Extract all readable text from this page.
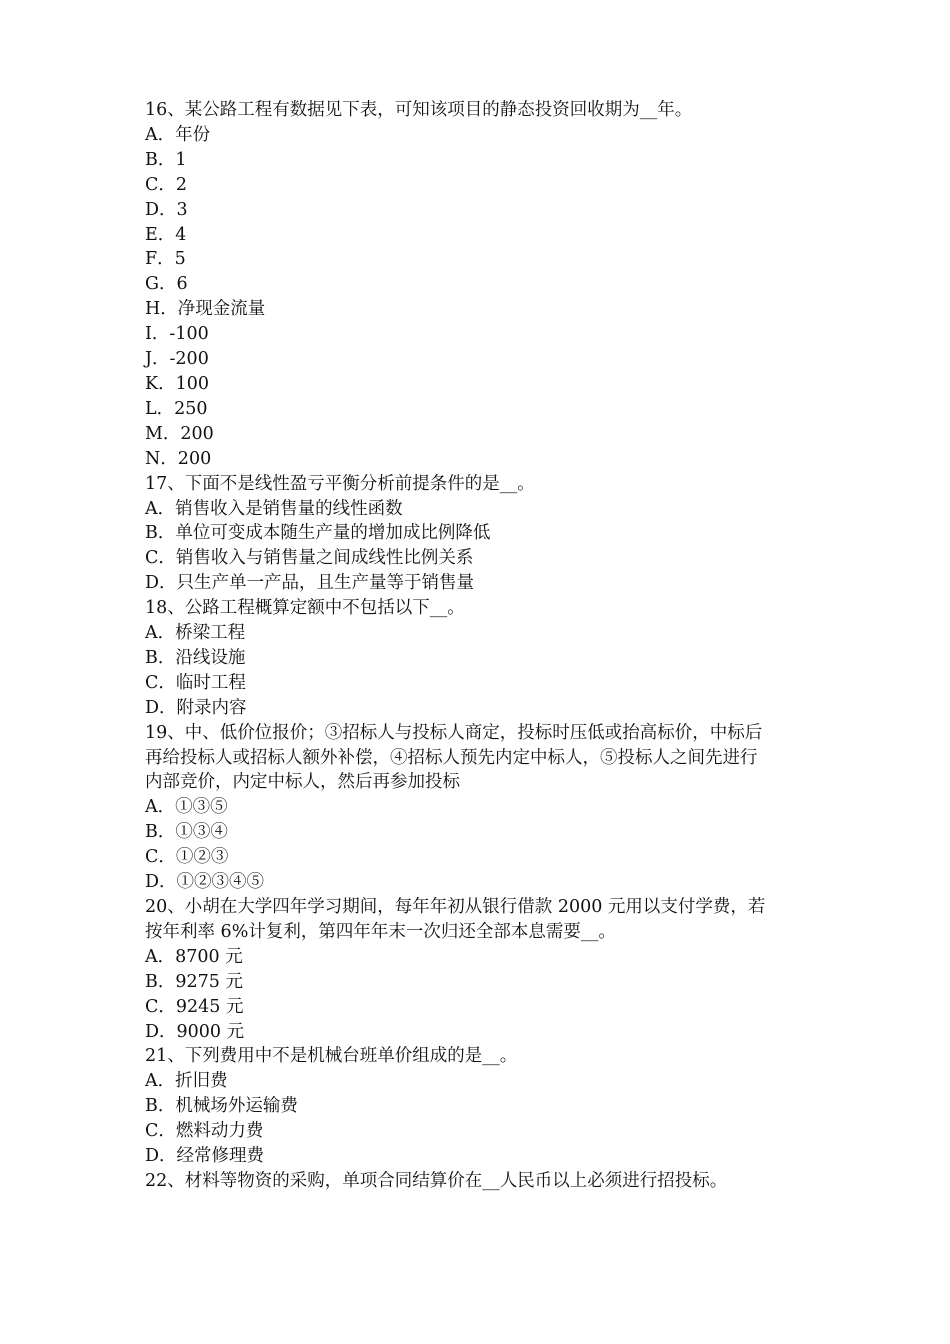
16、某公路工程有数据见下表，可知该项目的静态投资回收期为__年。
A．年份
B．1
C．2
D．3
E．4
F．5
G．6
H．净现金流量
I．-100
J．-200
K．100
L．250
M．200
N．200
17、下面不是线性盈亏平衡分析前提条件的是__。
A．销售收入是销售量的线性函数
B．单位可变成本随生产量的增加成比例降低
C．销售收入与销售量之间成线性比例关系
D．只生产单一产品，且生产量等于销售量
18、公路工程概算定额中不包括以下__。
A．桥梁工程
B．沿线设施
C．临时工程
D．附录内容
19、中、低价位报价；③招标人与投标人商定，投标时压低或抬高标价，中标后
再给投标人或招标人额外补偿，④招标人预先内定中标人，⑤投标人之间先进行
内部竞价，内定中标人，然后再参加投标
A．①③⑤
B．①③④
C．①②③
D．①②③④⑤
20、小胡在大学四年学习期间，每年年初从银行借款 2000 元用以支付学费，若
按年利率 6%计复利，第四年年末一次归还全部本息需要__。
A．8700 元
B．9275 元
C．9245 元
D．9000 元
21、下列费用中不是机械台班单价组成的是__。
A．折旧费
B．机械场外运输费
C．燃料动力费
D．经常修理费
22、材料等物资的采购，单项合同结算价在__人民币以上必须进行招投标。
